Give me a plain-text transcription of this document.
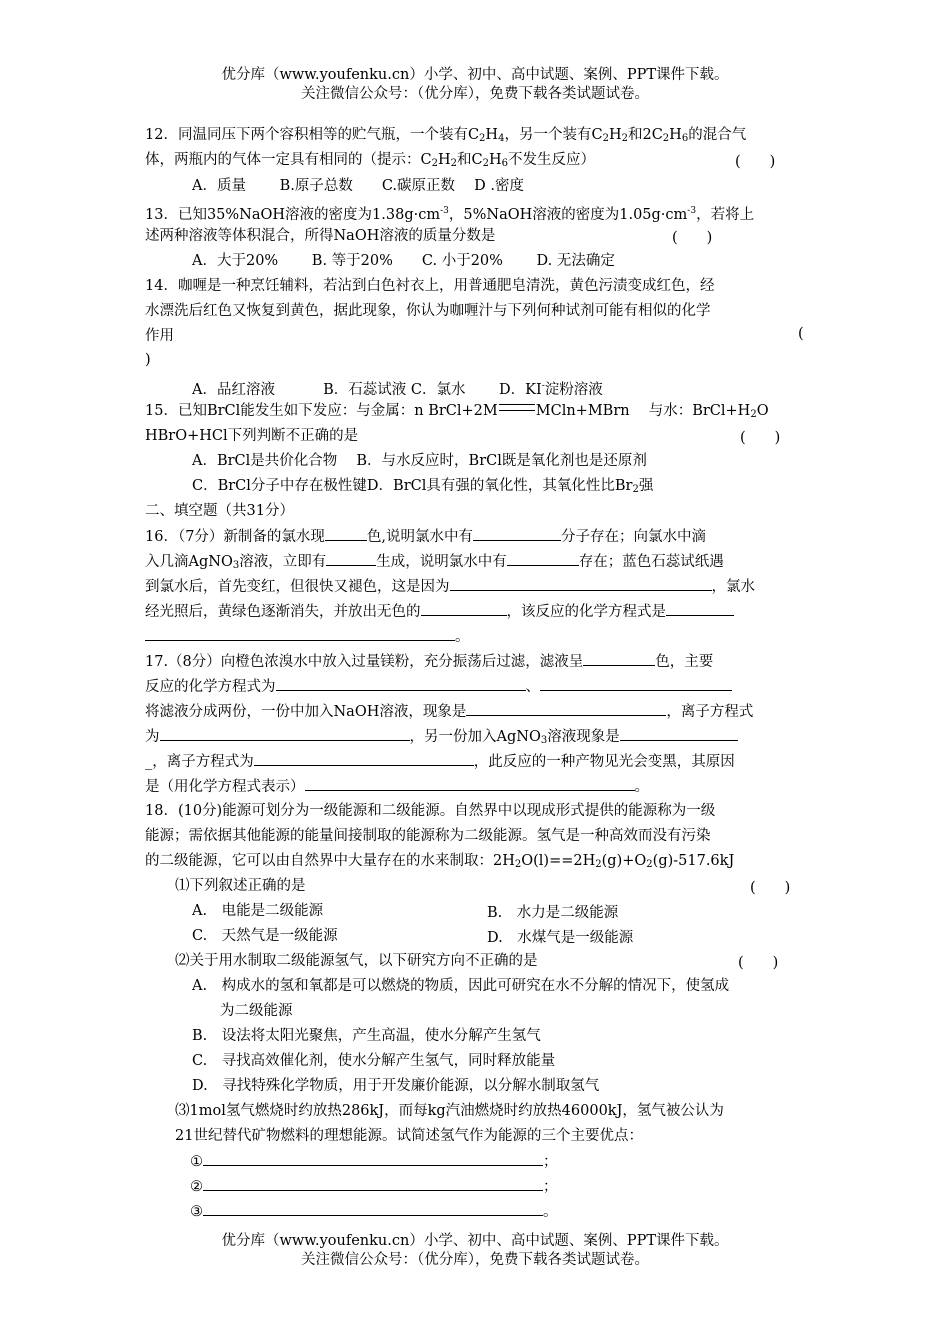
优分库（www.youfenku.cn）小学、初中、高中试题、案例、PPT课件下载。
关注微信公众号：（优分库），免费下载各类试题试卷。
12．同温同压下两个容积相等的贮气瓶，一个装有$C_2H_4$，另一个装有$C_2H_2$和$2C_2H_6$的混合气
体，两瓶内的气体一定具有相同的（提示：$C_2H_2$和$C_2H_6$不发生反应）	(　　)
A．质量　　 B.原子总数　　C.碳原正数　 D .密度
13．已知35%NaOH溶液的密度为$1.38g\cdot cm^{-3}$，5%NaOH溶液的密度为$1.05g\cdot cm^{-3}$，若将上
述两种溶液等体积混合，所得NaOH溶液的质量分数是	(　　)
A．大于20%　　 B. 等于20%　　C. 小于20%　　 D. 无法确定
14．咖喱是一种烹饪辅料，若沾到白色衬衣上，用普通肥皂清洗，黄色污渍变成红色，经
水漂洗后红色又恢复到黄色，据此现象，你认为咖喱汁与下列何种试剂可能有相似的化学
作用	(
)
A．品红溶液　　　 B．石蕊试液 C．氯水　　 D．KI-淀粉溶液
15．已知BrCl能发生如下发应：与金属：n BrCl+2M	MCln+MBrn　 与水：$BrCl+H_2O$
HBrO+HCl下列判断不正确的是	(　　)
A．BrCl是共价化合物　 B．与水反应时，BrCl既是氧化剂也是还原剂
C．BrCl分子中存在极性键D．BrCl具有强的氧化性，其氧化性比$Br_2$强
二、填空题（共31分）
16．（7分）新制备的氯水现	色,说明氯水中有	分子存在；向氯水中滴
入几滴AgNO$_3$溶液，立即有	生成，说明氯水中有	存在；蓝色石蕊试纸遇
到氯水后，首先变红，但很快又褪色，这是因为	，氯水
经光照后，黄绿色逐渐消失，并放出无色的	，该反应的化学方程式是
。
17.（8分）向橙色浓溴水中放入过量镁粉，充分振荡后过滤，滤液呈	色，主要
反应的化学方程式为	、
将滤液分成两份，一份中加入NaOH溶液，现象是	，离子方程式
为	，另一份加入AgNO$_3$溶液现象是
_，离子方程式为	，此反应的一种产物见光会变黑，其原因
是（用化学方程式表示）	。
18．(10分)能源可划分为一级能源和二级能源。自然界中以现成形式提供的能源称为一级
能源；需依据其他能源的能量间接制取的能源称为二级能源。氢气是一种高效而没有污染
的二级能源，它可以由自然界中大量存在的水来制取：$2H_2O(l)==2H_2(g)+O_2(g)-517.6kJ$
⑴下列叙述正确的是	(　　)
A.　电能是二级能源	B.　水力是二级能源
C.　天然气是一级能源	D.　水煤气是一级能源
⑵关于用水制取二级能源氢气，以下研究方向不正确的是	(　　)
A.　构成水的氢和氧都是可以燃烧的物质，因此可研究在水不分解的情况下，使氢成
为二级能源
B.　设法将太阳光聚焦，产生高温，使水分解产生氢气
C.　寻找高效催化剂，使水分解产生氢气，同时释放能量
D.　寻找特殊化学物质，用于开发廉价能源，以分解水制取氢气
⑶1mol氢气燃烧时约放热286kJ，而每kg汽油燃烧时约放热46000kJ，氢气被公认为
21世纪替代矿物燃料的理想能源。试简述氢气作为能源的三个主要优点：
①	；
②	；
③	。
优分库（www.youfenku.cn）小学、初中、高中试题、案例、PPT课件下载。
关注微信公众号：（优分库），免费下载各类试题试卷。
